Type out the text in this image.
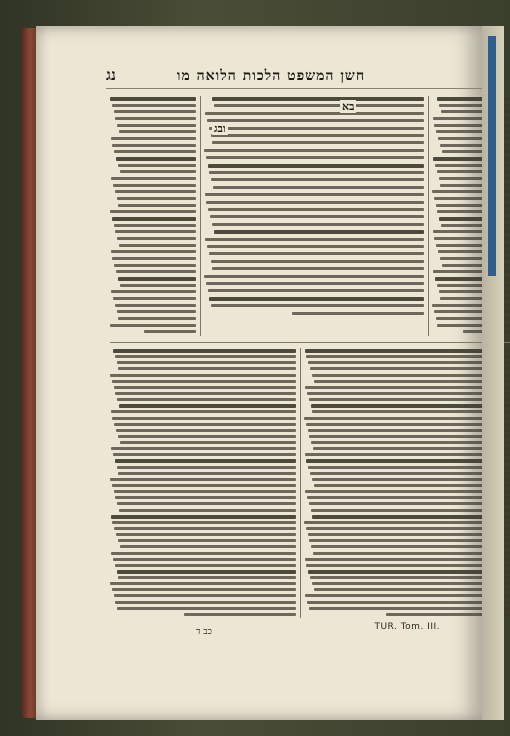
נג	חשן המשפט הלכות הלואה מו
בא
ובג
כב ד	TUR. Tom. III.
